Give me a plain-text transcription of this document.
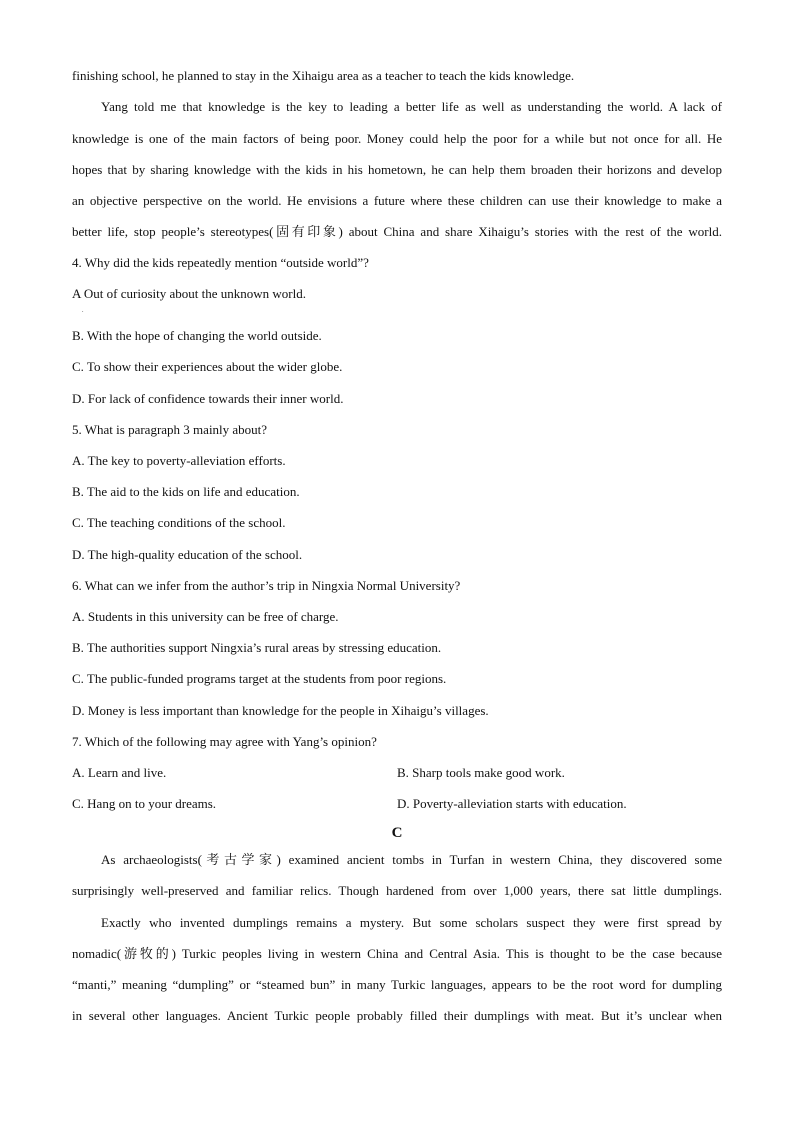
finishing school, he planned to stay in the Xihaigu area as a teacher to teach the kids knowledge.
Yang told me that knowledge is the key to leading a better life as well as understanding the world. A lack of
knowledge is one of the main factors of being poor. Money could help the poor for a while but not once for all. He
hopes that by sharing knowledge with the kids in his hometown, he can help them broaden their horizons and develop
an objective perspective on the world. He envisions a future where these children can use their knowledge to make a
better life, stop people’s stereotypes(固有印象) about China and share Xihaigu’s stories with the rest of the world.
4. Why did the kids repeatedly mention “outside world”?
A Out of curiosity about the unknown world.
.
B. With the hope of changing the world outside.
C. To show their experiences about the wider globe.
D. For lack of confidence towards their inner world.
5. What is paragraph 3 mainly about?
A. The key to poverty-alleviation efforts.
B. The aid to the kids on life and education.
C. The teaching conditions of the school.
D. The high-quality education of the school.
6. What can we infer from the author’s trip in Ningxia Normal University?
A. Students in this university can be free of charge.
B. The authorities support Ningxia’s rural areas by stressing education.
C. The public-funded programs target at the students from poor regions.
D. Money is less important than knowledge for the people in Xihaigu’s villages.
7. Which of the following may agree with Yang’s opinion?
A. Learn and live.	B. Sharp tools make good work.
C. Hang on to your dreams.	D. Poverty-alleviation starts with education.
C
As archaeologists(考古学家) examined ancient tombs in Turfan in western China, they discovered some
surprisingly well-preserved and familiar relics. Though hardened from over 1,000 years, there sat little dumplings.
Exactly who invented dumplings remains a mystery. But some scholars suspect they were first spread by
nomadic(游牧的) Turkic peoples living in western China and Central Asia. This is thought to be the case because
“manti,” meaning “dumpling” or “steamed bun” in many Turkic languages, appears to be the root word for dumpling
in several other languages. Ancient Turkic people probably filled their dumplings with meat. But it’s unclear when
